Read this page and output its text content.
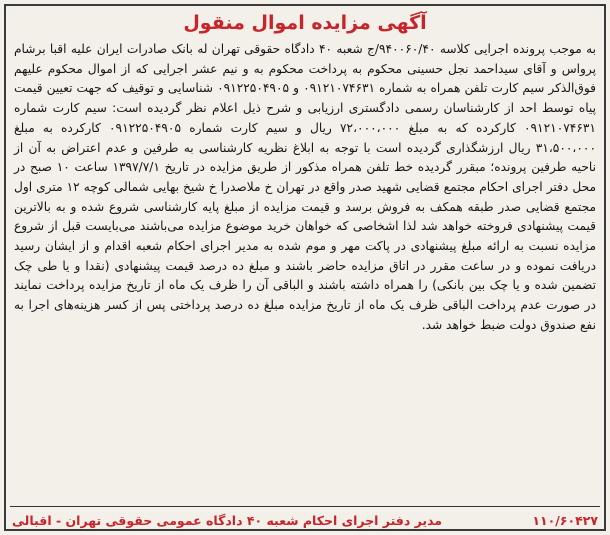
آگهی مزایده اموال منقول

به موجب پرونده اجرایی کلاسه ۹۴۰۰۶۰/۴۰/ج شعبه ۴۰ دادگاه حقوقی تهران له بانک صادرات ایران علیه اقبا برشام پرواس و آقای سیداحمد نجل حسینی محکوم به پرداخت محکوم به و نیم عشر اجرایی که از اموال محکوم علیهم فوق‌الذکر سیم کارت تلفن همراه به شماره ۰۹۱۲۱۰۷۴۶۳۱ و ۰۹۱۲۲۵۰۴۹۰۵ شناسایی و توقیف که جهت تعیین قیمت پیاه توسط احد از کارشناسان رسمی دادگستری ارزیابی و شرح ذیل اعلام نظر گردیده است: سیم کارت شماره ۰۹۱۲۱۰۷۴۶۳۱ کارکرده که به مبلغ ۷۲،۰۰۰،۰۰۰ ریال و سیم کارت شماره ۰۹۱۲۲۵۰۴۹۰۵ کارکرده به مبلغ ۳۱،۵۰۰،۰۰۰ ریال ارزشگذاری گردیده است با توجه به ابلاغ نظریه کارشناسی به طرفین و عدم اعتراض به آن از ناحیه طرفین پرونده؛ مبقرر گردیده خط تلفن همراه مذکور از طریق مزایده در تاریخ ۱۳۹۷/۷/۱ ساعت ۱۰ صبح در محل دفتر اجرای احکام مجتمع قضایی شهید صدر واقع در تهران خ ملاصدرا خ شیخ بهایی شمالی کوچه ۱۲ متری اول مجتمع قضایی صدر طبقه همکف به فروش برسد و قیمت مزایده از مبلغ پایه کارشناسی شروع شده و به بالاترین قیمت پیشنهادی فروخته خواهد شد لذا اشخاصی که خواهان خرید موضوع مزایده می‌باشند می‌بایست قبل از شروع مزایده نسبت به ارائه مبلغ پیشنهادی در پاکت مهر و موم شده به مدیر اجرای احکام شعبه اقدام و از ایشان رسید دریافت نموده و در ساعت مقرر در اتاق مزایده حاضر باشند و مبلغ ده درصد قیمت پیشنهادی (نقدا و یا طی چک تضمین شده و یا چک بین بانکی) را همراه داشته باشند و الباقی آن را ظرف یک ماه از تاریخ مزایده پرداخت نمایند در صورت عدم پرداخت الباقی ظرف یک ماه از تاریخ مزایده مبلغ ده درصد پرداختی پس از کسر هزینه‌های اجرا به نفع صندوق دولت ضبط خواهد شد.

مدیر دفتر اجرای احکام شعبه ۴۰ دادگاه عمومی حقوقی تهران - اقبالی	۱۱۰/۶۰۴۲۷
